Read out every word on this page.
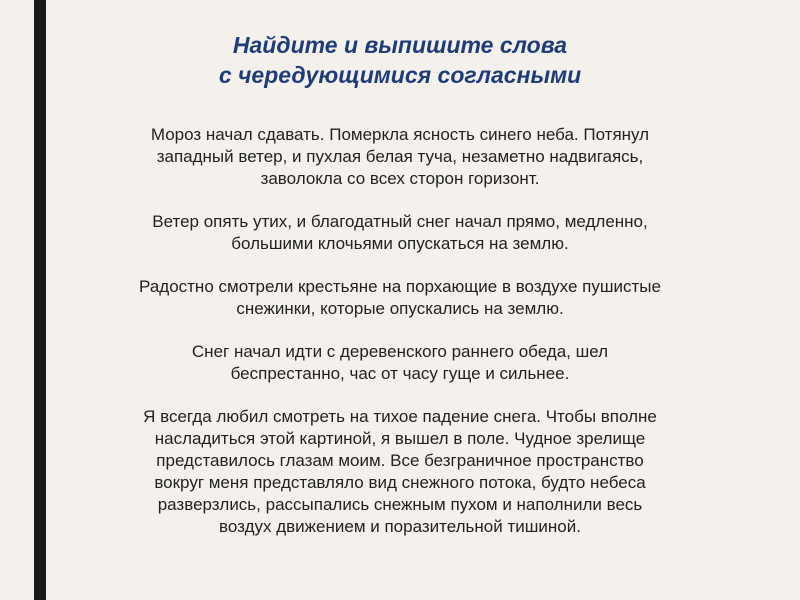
Найдите и выпишите слова
с чередующимися согласными

Мороз начал сдавать. Померкла ясность синего неба. Потянул
западный ветер, и пухлая белая туча, незаметно надвигаясь,
заволокла со всех сторон горизонт.

Ветер опять утих, и благодатный снег начал прямо, медленно,
большими клочьями опускаться на землю.

Радостно смотрели крестьяне на порхающие в воздухе пушистые
снежинки, которые опускались на землю.

Снег начал идти с деревенского раннего обеда, шел
беспрестанно, час от часу гуще и сильнее.

Я всегда любил смотреть на тихое падение снега. Чтобы вполне
насладиться этой картиной, я вышел в поле. Чудное зрелище
представилось глазам моим. Все безграничное пространство
вокруг меня представляло вид снежного потока, будто небеса
разверзлись, рассыпались снежным пухом и наполнили весь
воздух движением и поразительной тишиной.
